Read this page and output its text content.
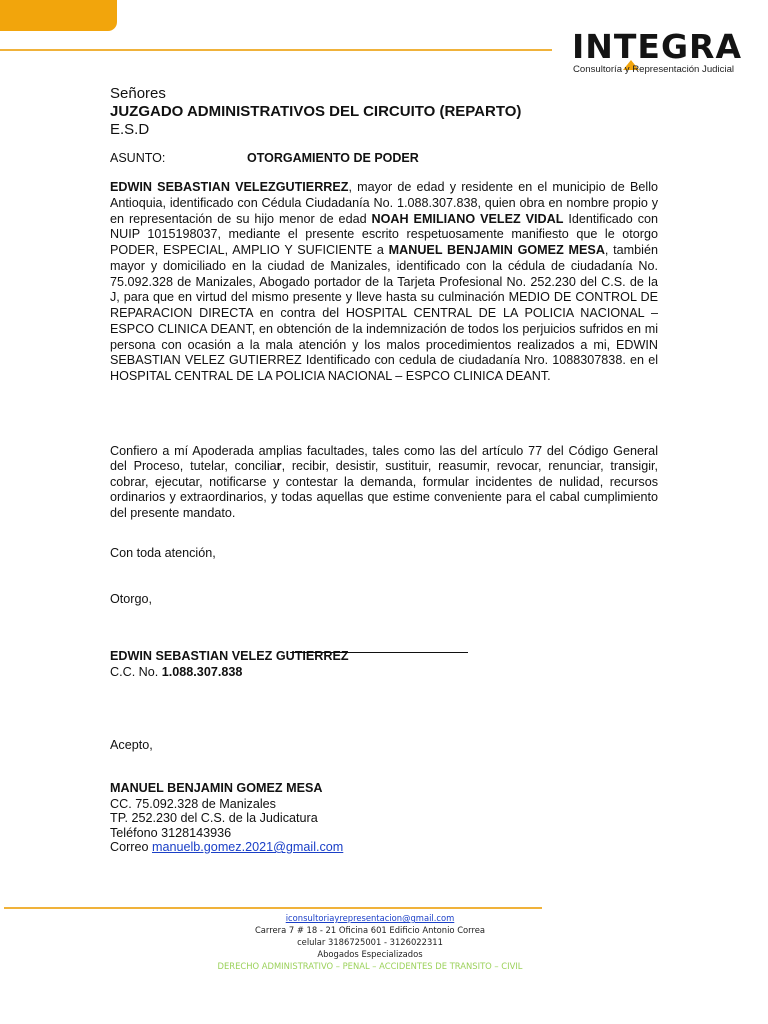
INTEGRA
Consultoría y Representación Judicial
Señores
JUZGADO ADMINISTRATIVOS DEL CIRCUITO (REPARTO)
E.S.D
ASUNTO:	OTORGAMIENTO DE PODER

EDWIN SEBASTIAN VELEZGUTIERREZ, mayor de edad y residente en el municipio de Bello Antioquia, identificado con Cédula Ciudadanía No. 1.088.307.838, quien obra en nombre propio y en representación de su hijo menor de edad NOAH EMILIANO VELEZ VIDAL Identificado con NUIP 1015198037, mediante el presente escrito respetuosamente manifiesto que le otorgo PODER, ESPECIAL, AMPLIO Y SUFICIENTE a MANUEL BENJAMIN GOMEZ MESA, también mayor y domiciliado en la ciudad de Manizales, identificado con la cédula de ciudadanía No. 75.092.328 de Manizales, Abogado portador de la Tarjeta Profesional No. 252.230 del C.S. de la J, para que en virtud del mismo presente y lleve hasta su culminación MEDIO DE CONTROL DE REPARACION DIRECTA en contra del HOSPITAL CENTRAL DE LA POLICIA NACIONAL – ESPCO CLINICA DEANT, en obtención de la indemnización de todos los perjuicios sufridos en mi persona con ocasión a la mala atención y los malos procedimientos realizados a mi, EDWIN SEBASTIAN VELEZ GUTIERREZ Identificado con cedula de ciudadanía Nro. 1088307838. en el HOSPITAL CENTRAL DE LA POLICIA NACIONAL – ESPCO CLINICA DEANT.

Confiero a mí Apoderada amplias facultades, tales como las del artículo 77 del Código General del Proceso, tutelar, conciliar, recibir, desistir, sustituir, reasumir, revocar, renunciar, transigir, cobrar, ejecutar, notificarse y contestar la demanda, formular incidentes de nulidad, recursos ordinarios y extraordinarios, y todas aquellas que estime conveniente para el cabal cumplimiento del presente mandato.

Con toda atención,
Otorgo,
EDWIN SEBASTIAN VELEZ GUTIERREZ
C.C. No. 1.088.307.838
Acepto,
MANUEL BENJAMIN GOMEZ MESA
CC. 75.092.328 de Manizales
TP. 252.230 del C.S. de la Judicatura
Teléfono 3128143936
Correo manuelb.gomez.2021@gmail.com
iconsultoriayrepresentacion@gmail.com
Carrera 7 # 18 - 21 Oficina 601 Edificio Antonio Correa
celular 3186725001 - 3126022311
Abogados Especializados
DERECHO ADMINISTRATIVO – PENAL – ACCIDENTES DE TRANSITO – CIVIL
